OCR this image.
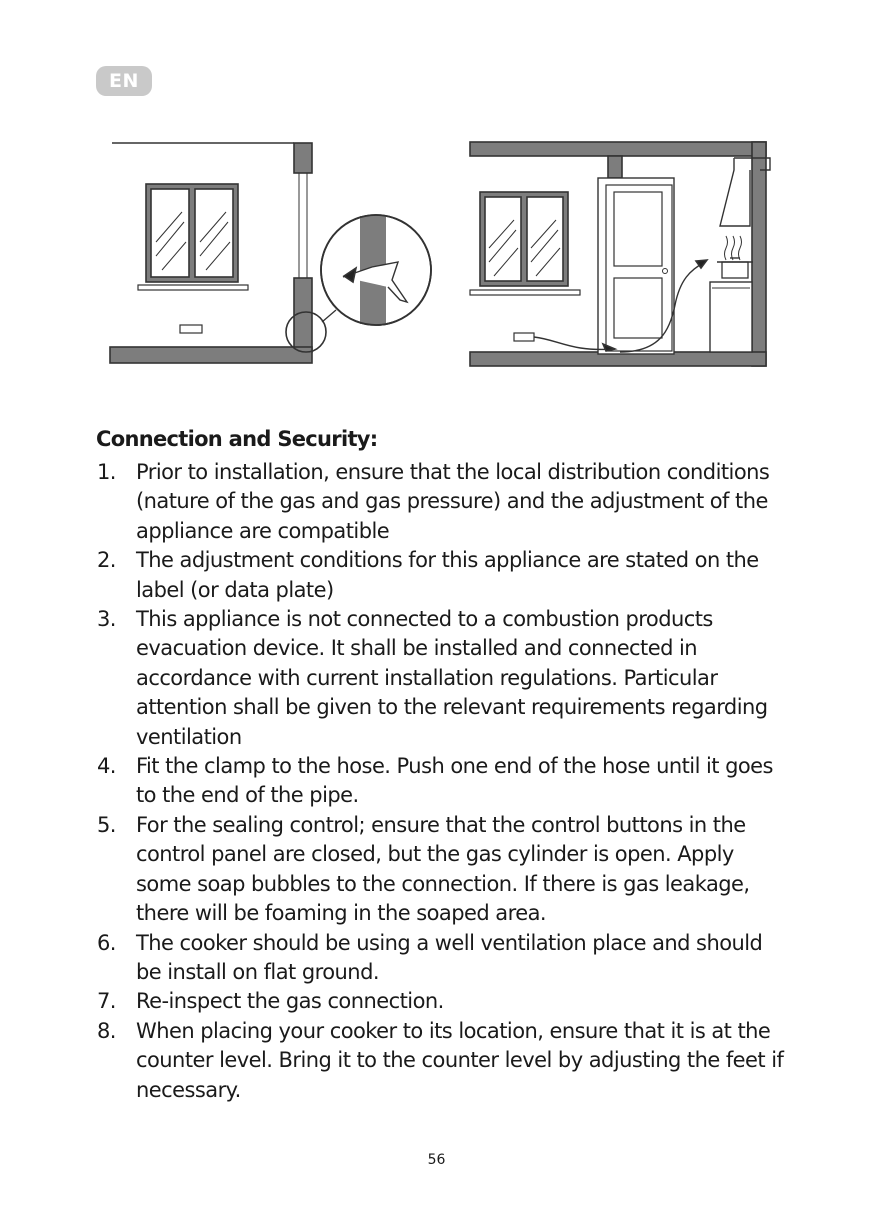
EN
Connection and Security:
1. Prior to installation, ensure that the local distribution conditions (nature of the gas and gas pressure) and the adjustment of the appliance are compatible
2. The adjustment conditions for this appliance are stated on the label (or data plate)
3. This appliance is not connected to a combustion products evacuation device. It shall be installed and connected in accordance with current installation regulations. Particular attention shall be given to the relevant requirements regarding ventilation
4. Fit the clamp to the hose. Push one end of the hose until it goes to the end of the pipe.
5. For the sealing control; ensure that the control buttons in the control panel are closed, but the gas cylinder is open. Apply some soap bubbles to the connection. If there is gas leakage, there will be foaming in the soaped area.
6. The cooker should be using a well ventilation place and should be install on flat ground.
7. Re-inspect the gas connection.
8. When placing your cooker to its location, ensure that it is at the counter level. Bring it to the counter level by adjusting the feet if necessary.
56
